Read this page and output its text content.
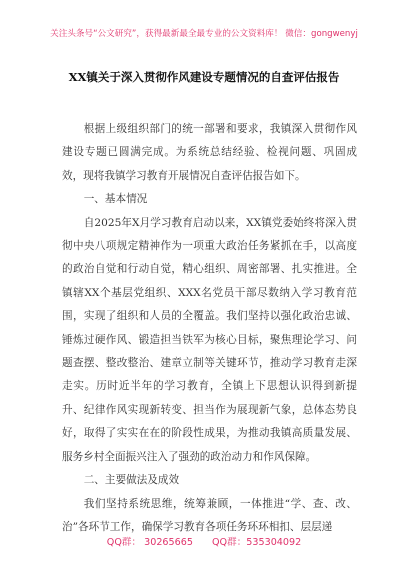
关注头条号“公文研究”，获得最新最全最专业的公文资料库！ 微信：gongwenyj
XX镇关于深入贯彻作风建设专题情况的自查评估报告

根据上级组织部门的统一部署和要求，我镇深入贯彻作风建设专题已圆满完成。为系统总结经验、检视问题、巩固成效，现将我镇学习教育开展情况自查评估报告如下。

一、基本情况

自2025年X月学习教育启动以来，XX镇党委始终将深入贯彻中央八项规定精神作为一项重大政治任务紧抓在手，以高度的政治自觉和行动自觉，精心组织、周密部署、扎实推进。全镇辖XX个基层党组织、XXX名党员干部尽数纳入学习教育范围，实现了组织和人员的全覆盖。我们坚持以强化政治忠诚、锤炼过硬作风、锻造担当铁军为核心目标，聚焦理论学习、问题查摆、整改整治、建章立制等关键环节，推动学习教育走深走实。历时近半年的学习教育，全镇上下思想认识得到新提升、纪律作风实现新转变、担当作为展现新气象，总体态势良好，取得了实实在在的阶段性成果，为推动我镇高质量发展、服务乡村全面振兴注入了强劲的政治动力和作风保障。

二、主要做法及成效

我们坚持系统思维，统筹兼顾，一体推进“学、查、改、治”各环节工作，确保学习教育各项任务环环相扣、层层递

QQ群： 30265665 QQ群：535304092
